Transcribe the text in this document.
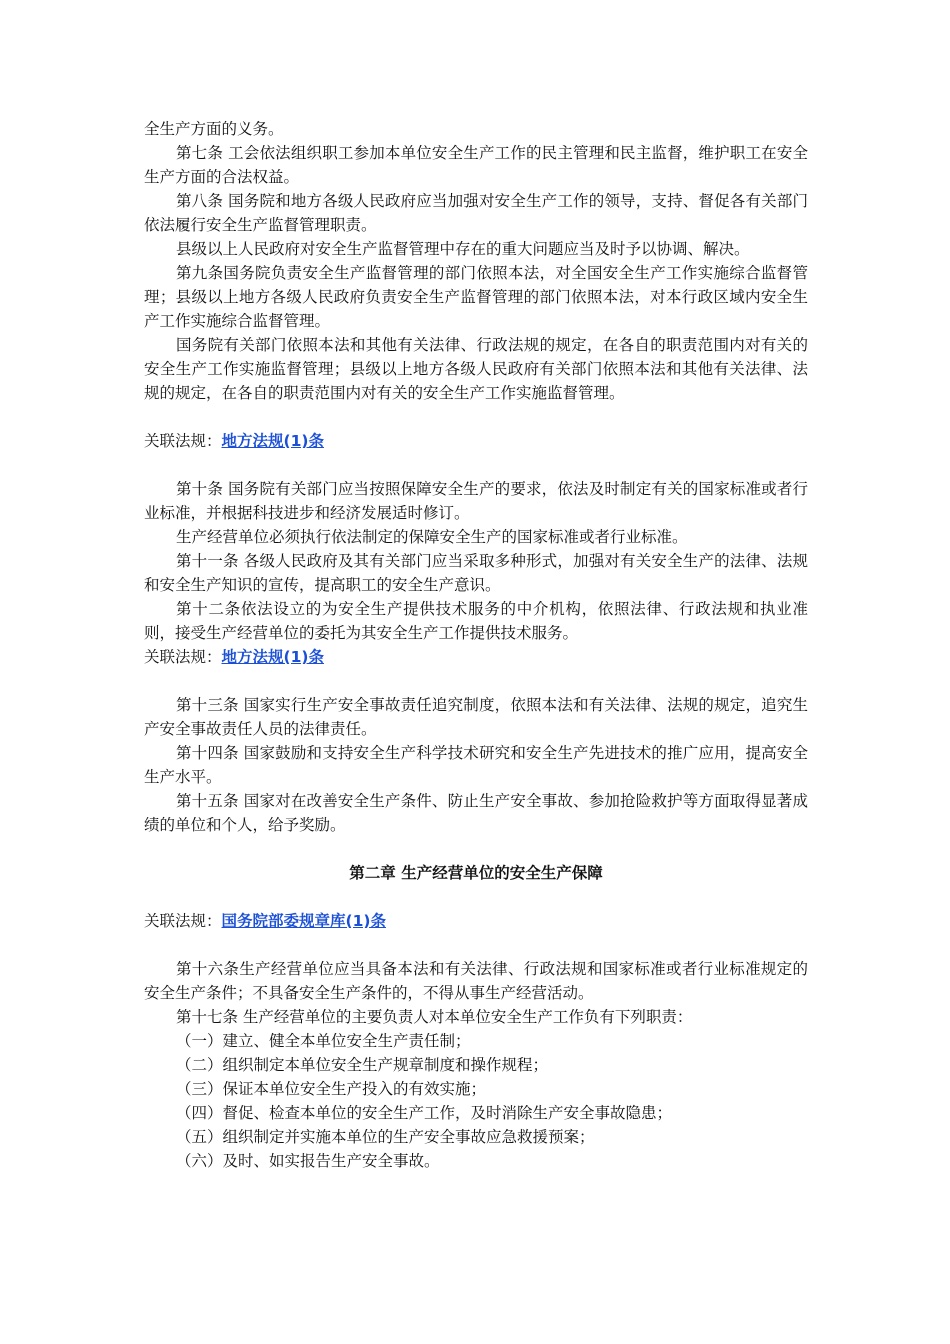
全生产方面的义务。

第七条 工会依法组织职工参加本单位安全生产工作的民主管理和民主监督，维护职工在安全生产方面的合法权益。

第八条 国务院和地方各级人民政府应当加强对安全生产工作的领导，支持、督促各有关部门依法履行安全生产监督管理职责。

县级以上人民政府对安全生产监督管理中存在的重大问题应当及时予以协调、解决。

第九条国务院负责安全生产监督管理的部门依照本法，对全国安全生产工作实施综合监督管理；县级以上地方各级人民政府负责安全生产监督管理的部门依照本法，对本行政区域内安全生产工作实施综合监督管理。

国务院有关部门依照本法和其他有关法律、行政法规的规定，在各自的职责范围内对有关的安全生产工作实施监督管理；县级以上地方各级人民政府有关部门依照本法和其他有关法律、法规的规定，在各自的职责范围内对有关的安全生产工作实施监督管理。

关联法规：地方法规(1)条

第十条 国务院有关部门应当按照保障安全生产的要求，依法及时制定有关的国家标准或者行业标准，并根据科技进步和经济发展适时修订。

生产经营单位必须执行依法制定的保障安全生产的国家标准或者行业标准。

第十一条 各级人民政府及其有关部门应当采取多种形式，加强对有关安全生产的法律、法规和安全生产知识的宣传，提高职工的安全生产意识。

第十二条依法设立的为安全生产提供技术服务的中介机构，依照法律、行政法规和执业准则，接受生产经营单位的委托为其安全生产工作提供技术服务。

关联法规：地方法规(1)条

第十三条 国家实行生产安全事故责任追究制度，依照本法和有关法律、法规的规定，追究生产安全事故责任人员的法律责任。

第十四条 国家鼓励和支持安全生产科学技术研究和安全生产先进技术的推广应用，提高安全生产水平。

第十五条 国家对在改善安全生产条件、防止生产安全事故、参加抢险救护等方面取得显著成绩的单位和个人，给予奖励。

第二章 生产经营单位的安全生产保障

关联法规：国务院部委规章库(1)条

第十六条生产经营单位应当具备本法和有关法律、行政法规和国家标准或者行业标准规定的安全生产条件；不具备安全生产条件的，不得从事生产经营活动。

第十七条 生产经营单位的主要负责人对本单位安全生产工作负有下列职责：

（一）建立、健全本单位安全生产责任制；

（二）组织制定本单位安全生产规章制度和操作规程；

（三）保证本单位安全生产投入的有效实施；

（四）督促、检查本单位的安全生产工作，及时消除生产安全事故隐患；

（五）组织制定并实施本单位的生产安全事故应急救援预案；

（六）及时、如实报告生产安全事故。
